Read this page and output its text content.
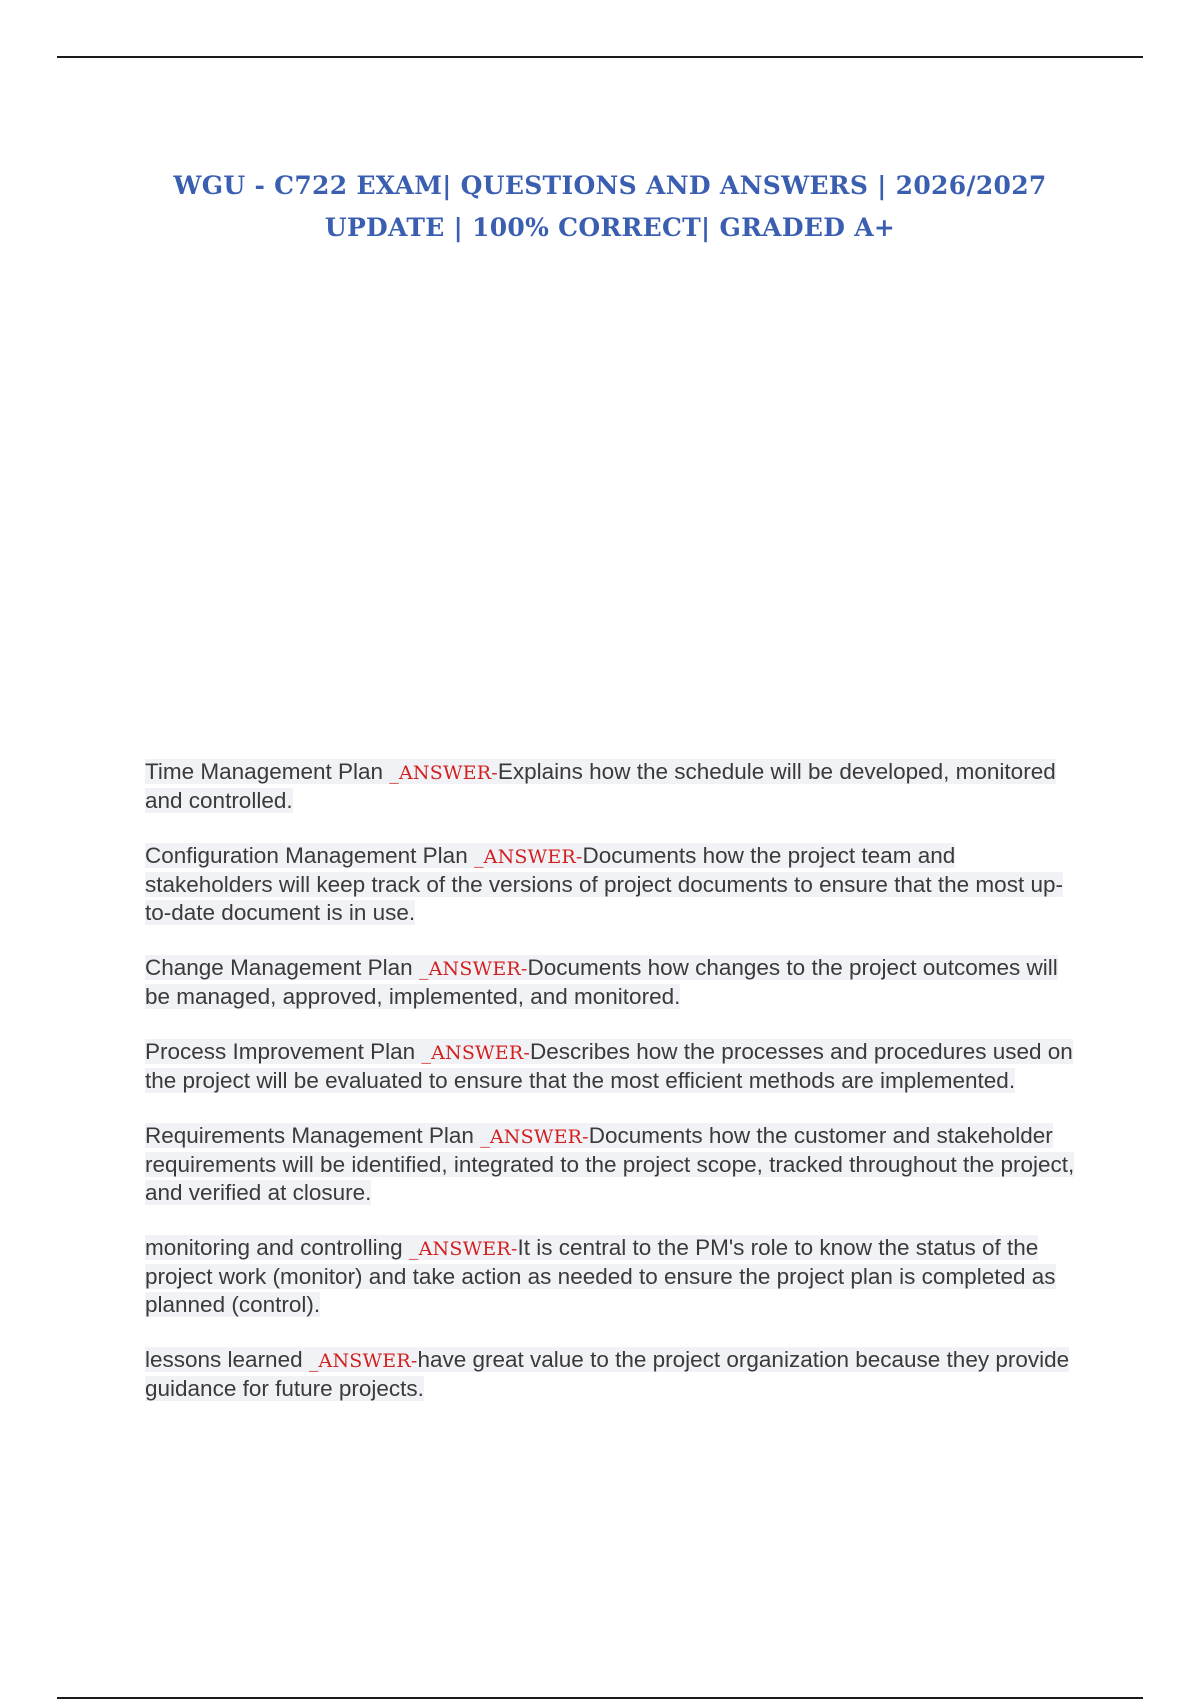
WGU - C722 EXAM| QUESTIONS AND ANSWERS | 2026/2027 UPDATE | 100% CORRECT| GRADED A+

Time Management Plan _ANSWER-Explains how the schedule will be developed, monitored and controlled.

Configuration Management Plan _ANSWER-Documents how the project team and stakeholders will keep track of the versions of project documents to ensure that the most up-to-date document is in use.

Change Management Plan _ANSWER-Documents how changes to the project outcomes will be managed, approved, implemented, and monitored.

Process Improvement Plan _ANSWER-Describes how the processes and procedures used on the project will be evaluated to ensure that the most efficient methods are implemented.

Requirements Management Plan _ANSWER-Documents how the customer and stakeholder requirements will be identified, integrated to the project scope, tracked throughout the project, and verified at closure.

monitoring and controlling _ANSWER-It is central to the PM's role to know the status of the project work (monitor) and take action as needed to ensure the project plan is completed as planned (control).

lessons learned _ANSWER-have great value to the project organization because they provide guidance for future projects.
